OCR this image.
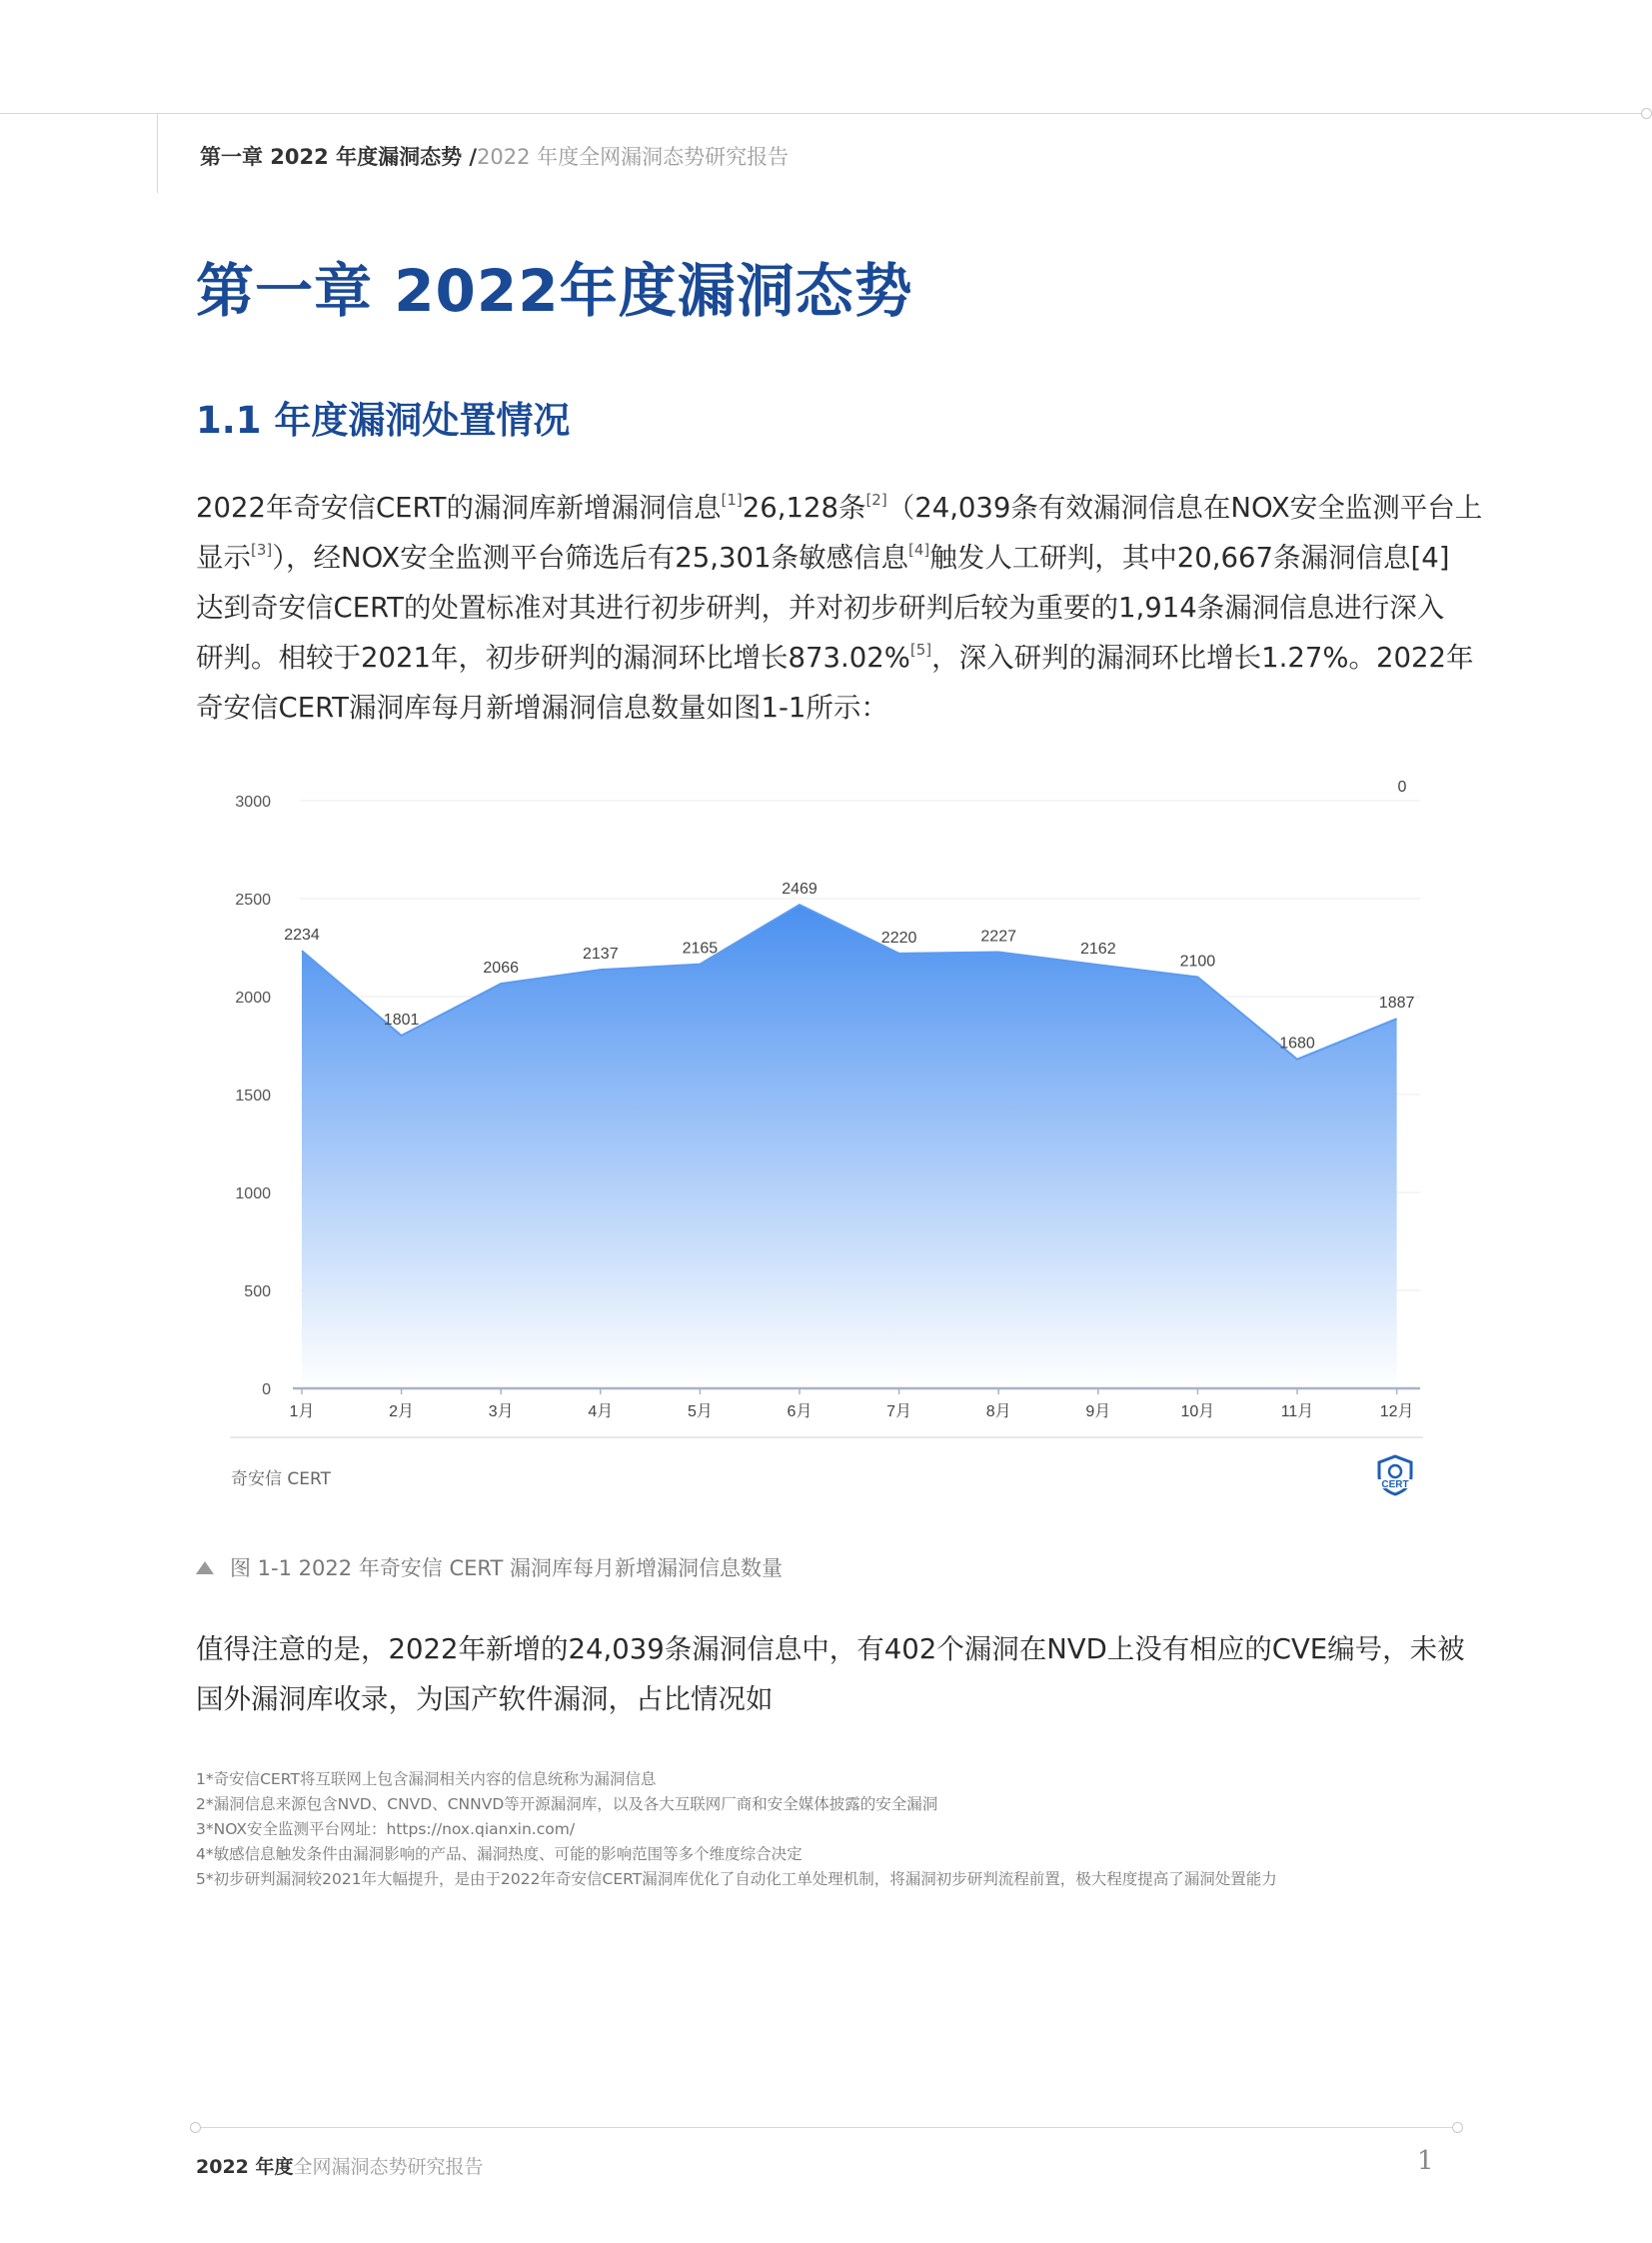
第一章 2022 年度漏洞态势 /2022 年度全网漏洞态势研究报告
第一章 2022年度漏洞态势
1.1 年度漏洞处置情况
2022年奇安信CERT的漏洞库新增漏洞信息[1]26,128条[2]（24,039条有效漏洞信息在NOX安全监测平台上
显示[3]），经NOX安全监测平台筛选后有25,301条敏感信息[4]触发人工研判，其中20,667条漏洞信息[4]
达到奇安信CERT的处置标准对其进行初步研判，并对初步研判后较为重要的1,914条漏洞信息进行深入
研判。相较于2021年，初步研判的漏洞环比增长873.02%[5]，深入研判的漏洞环比增长1.27%。2022年
奇安信CERT漏洞库每月新增漏洞信息数量如图1-1所示：
0
500
1000
1500
2000
2500
3000
1月	2月	3月	4月	5月	6月	7月	8月	9月	10月	11月	12月
2234
1801
2066
2137	2165
2469
2220	2227
2162
2100
1680
1887
0
奇安信 CERT	CERT
图 1-1 2022 年奇安信 CERT 漏洞库每月新增漏洞信息数量
值得注意的是，2022年新增的24,039条漏洞信息中，有402个漏洞在NVD上没有相应的CVE编号，未被
国外漏洞库收录，为国产软件漏洞，占比情况如
1*奇安信CERT将互联网上包含漏洞相关内容的信息统称为漏洞信息
2*漏洞信息来源包含NVD、CNVD、CNNVD等开源漏洞库，以及各大互联网厂商和安全媒体披露的安全漏洞
3*NOX安全监测平台网址：https://nox.qianxin.com/
4*敏感信息触发条件由漏洞影响的产品、漏洞热度、可能的影响范围等多个维度综合决定
5*初步研判漏洞较2021年大幅提升，是由于2022年奇安信CERT漏洞库优化了自动化工单处理机制，将漏洞初步研判流程前置，极大程度提高了漏洞处置能力
2022 年度全网漏洞态势研究报告	1
